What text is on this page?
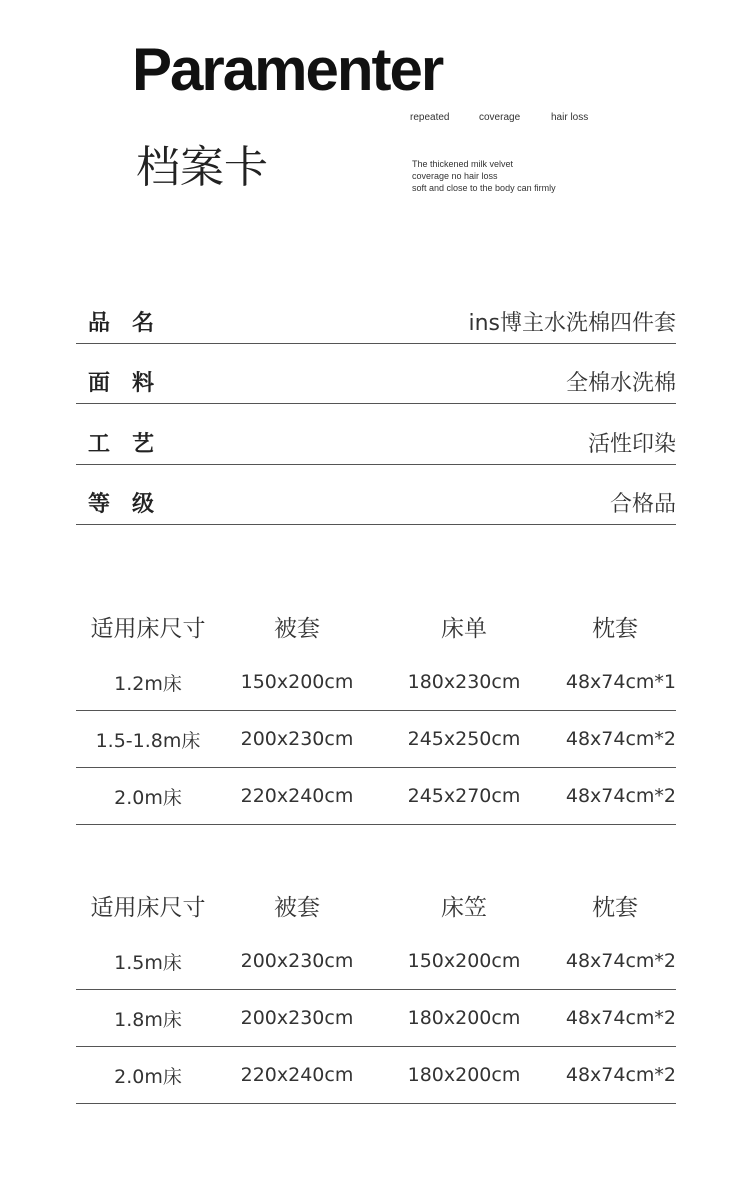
Paramenter
repeated	coverage	hair loss
档案卡	The thickened milk velvet
coverage no hair loss
soft and close to the body can firmly
品名	ins博主水洗棉四件套
面料	全棉水洗棉
工艺	活性印染
等级	合格品
适用床尺寸	被套	床单	枕套
1.2m床	150x200cm	180x230cm	48x74cm*1
1.5-1.8m床	200x230cm	245x250cm	48x74cm*2
2.0m床	220x240cm	245x270cm	48x74cm*2
适用床尺寸	被套	床笠	枕套
1.5m床	200x230cm	150x200cm	48x74cm*2
1.8m床	200x230cm	180x200cm	48x74cm*2
2.0m床	220x240cm	180x200cm	48x74cm*2
